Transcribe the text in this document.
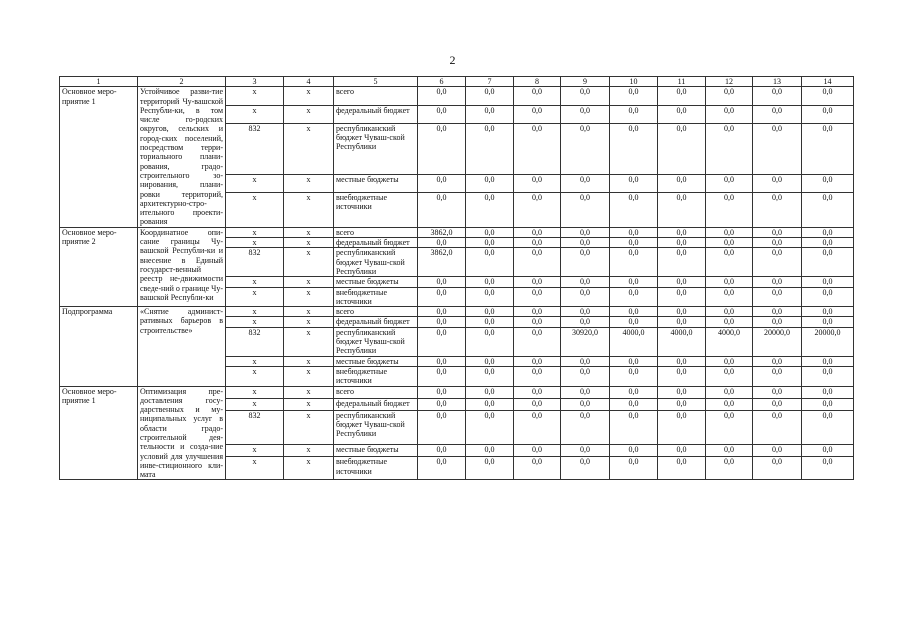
2
1	2	3	4	5	6	7	8	9	10	11	12	13	14
Основное меро-приятие 1	Устойчивое разви-тие территорий Чу-вашской Республи-ки, в том числе го-родских округов, сельских и город-ских поселений, посредством терри-ториального плани-рования, градо-строительного зо-нирования, плани-ровки территорий, архитектурно-стро-ительного проекти-рования	х	х	всего	0,0	0,0	0,0	0,0	0,0	0,0	0,0	0,0	0,0
		х	х	федеральный бюджет	0,0	0,0	0,0	0,0	0,0	0,0	0,0	0,0	0,0
		832	х	республиканский бюджет Чуваш-ской Республики	0,0	0,0	0,0	0,0	0,0	0,0	0,0	0,0	0,0
		х	х	местные бюджеты	0,0	0,0	0,0	0,0	0,0	0,0	0,0	0,0	0,0
		х	х	внебюджетные источники	0,0	0,0	0,0	0,0	0,0	0,0	0,0	0,0	0,0
Основное меро-приятие 2	Координатное опи-сание границы Чу-вашской Республи-ки и внесение в Единый государст-венный реестр не-движимости сведе-ний о границе Чу-вашской Республи-ки	х	х	всего	3862,0	0,0	0,0	0,0	0,0	0,0	0,0	0,0	0,0
		х	х	федеральный бюджет	0,0	0,0	0,0	0,0	0,0	0,0	0,0	0,0	0,0
		832	х	республиканский бюджет Чуваш-ской Республики	3862,0	0,0	0,0	0,0	0,0	0,0	0,0	0,0	0,0
		х	х	местные бюджеты	0,0	0,0	0,0	0,0	0,0	0,0	0,0	0,0	0,0
		х	х	внебюджетные источники	0,0	0,0	0,0	0,0	0,0	0,0	0,0	0,0	0,0
Подпрограмма	«Снятие админист-ративных барьеров в строительстве»	х	х	всего	0,0	0,0	0,0	0,0	0,0	0,0	0,0	0,0	0,0
		х	х	федеральный бюджет	0,0	0,0	0,0	0,0	0,0	0,0	0,0	0,0	0,0
		832	х	республиканский бюджет Чуваш-ской Республики	0,0	0,0	0,0	30920,0	4000,0	4000,0	4000,0	20000,0	20000,0
		х	х	местные бюджеты	0,0	0,0	0,0	0,0	0,0	0,0	0,0	0,0	0,0
		х	х	внебюджетные источники	0,0	0,0	0,0	0,0	0,0	0,0	0,0	0,0	0,0
Основное меро-приятие 1	Оптимизация пре-доставления госу-дарственных и му-ниципальных услуг в области градо-строительной дея-тельности и созда-ние условий для улучшения инве-стиционного кли-мата	х	х	всего	0,0	0,0	0,0	0,0	0,0	0,0	0,0	0,0	0,0
		х	х	федеральный бюджет	0,0	0,0	0,0	0,0	0,0	0,0	0,0	0,0	0,0
		832	х	республиканский бюджет Чуваш-ской Республики	0,0	0,0	0,0	0,0	0,0	0,0	0,0	0,0	0,0
		х	х	местные бюджеты	0,0	0,0	0,0	0,0	0,0	0,0	0,0	0,0	0,0
		х	х	внебюджетные источники	0,0	0,0	0,0	0,0	0,0	0,0	0,0	0,0	0,0
